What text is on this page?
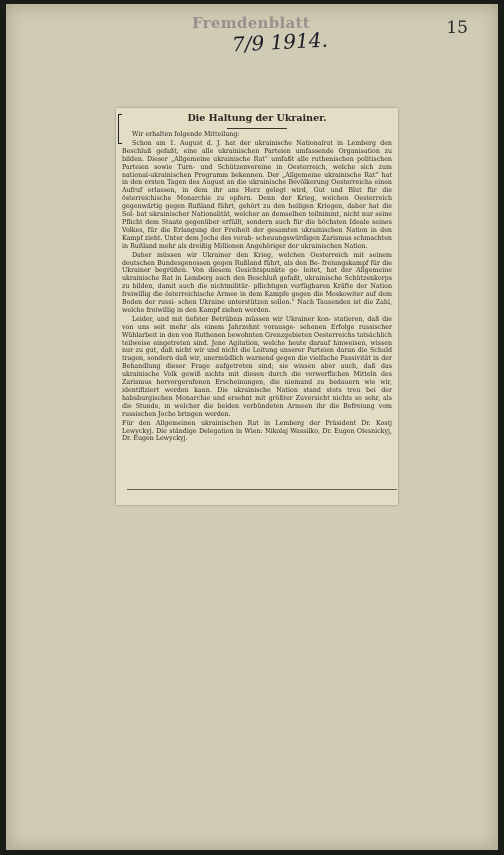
Fremdenblatt	15
7/9 1914.
Die Haltung der Ukrainer.

Wir erhalten folgende Mitteilung:

Schon am 1. August d. J. hat der ukrainische Nationalrat in Lemberg den Beschluß gefaßt, eine alle ukrainischen Parteien umfassende Organisation zu bilden. Dieser „Allgemeine ukrainische Rat“ umfaßt alle ruthenischen politischen Parteien sowie Turn- und Schützenvereine in Oesterreich, welche sich zum national-ukrainischen Programm bekennen. Der „Allgemeine ukrainische Rat“ hat in den ersten Tagen des August an die ukrainische Bevölkerung Oesterreichs einen Aufruf erlassen, in dem ihr ans Herz gelegt wird, Gut und Blut für die österreichische Monarchie zu opfern. Denn der Krieg, welchen Oesterreich gegenwärtig gegen Rußland führt, gehört zu den heiligen Kriegen, daher hat die Sol- bat ukrainischer Nationalität, welcher an demselben teilnimmt, nicht nur seine Pflicht dem Staate gegenüber erfüllt, sondern auch für die höchsten Ideale seines Volkes, für die Erlangung der Freiheit der gesamten ukrainischen Nation in den Kampf zieht. Unter dem Joche des verab- scheuungswürdigen Zarismus schmachten in Rußland mehr als dreißig Millionen Angehöriger der ukrainischen Nation.

Daher müssen wir Ukrainer den Krieg, welchen Oesterreich mit seinem deutschen Bundesgenossen gegen Rußland führt, als den Be- freiungskampf für die Ukrainer begrüßen. Von diesem Gesichtspunkte ge- leitet, hat der Allgemeine ukrainische Rat in Lemberg auch den Beschluß gefaßt, ukrainische Schützenkorps zu bilden, damit auch die nichtmilitär- pflichtigen verfügbaren Kräfte der Nation freiwillig die österreichische Armee in dem Kampfe gegen die Moskowiter auf dem Boden der russi- schen Ukraine unterstützen sollen.“ Nach Tausenden ist die Zahl, welche freiwillig in den Kampf ziehen werden.

Leider, und mit tiefster Betrübnis müssen wir Ukrainer kon- statieren, daß die von uns seit mehr als einem Jahrzehnt vorausge- sehenen Erfolge russischer Wühlarbeit in den von Ruthenen bewohnten Grenzgebieten Oesterreichs tatsächlich teilweise eingetreten sind. Jene Agitation, welche heute darauf hinweisen, wissen nur zu gut, daß nicht wir und nicht die Leitung unserer Parteien daran die Schuld tragen, sondern daß wir, unermüdlich warnend gegen die vielfache Passivität in der Behandlung dieser Frage aufgetreten sind; sie wissen aber auch, daß das ukrainische Volk gewiß nichts mit diesen durch die verwerflichen Mitteln des Zarismus hervorgerufenen Erscheinungen, die niemand zu bedauern wie wir, identifiziert werden kann. Die ukrainische Nation stand stets treu bei der habsburgischen Monarchie und ersehnt mit größter Zuversicht nichts so sehr, als die Stunde, in welcher die beiden verbündeten Armeen ihr die Befreiung vom russischen Joche bringen werden.

Für den Allgemeinen ukrainischen Rat in Lemberg der Präsident Dr. Kostj Lewyckyj. Die ständige Delegation in Wien: Nikolaj Wassilko, Dr. Eugen Olesnickyj, Dr. Eugen Lewyckyj.
